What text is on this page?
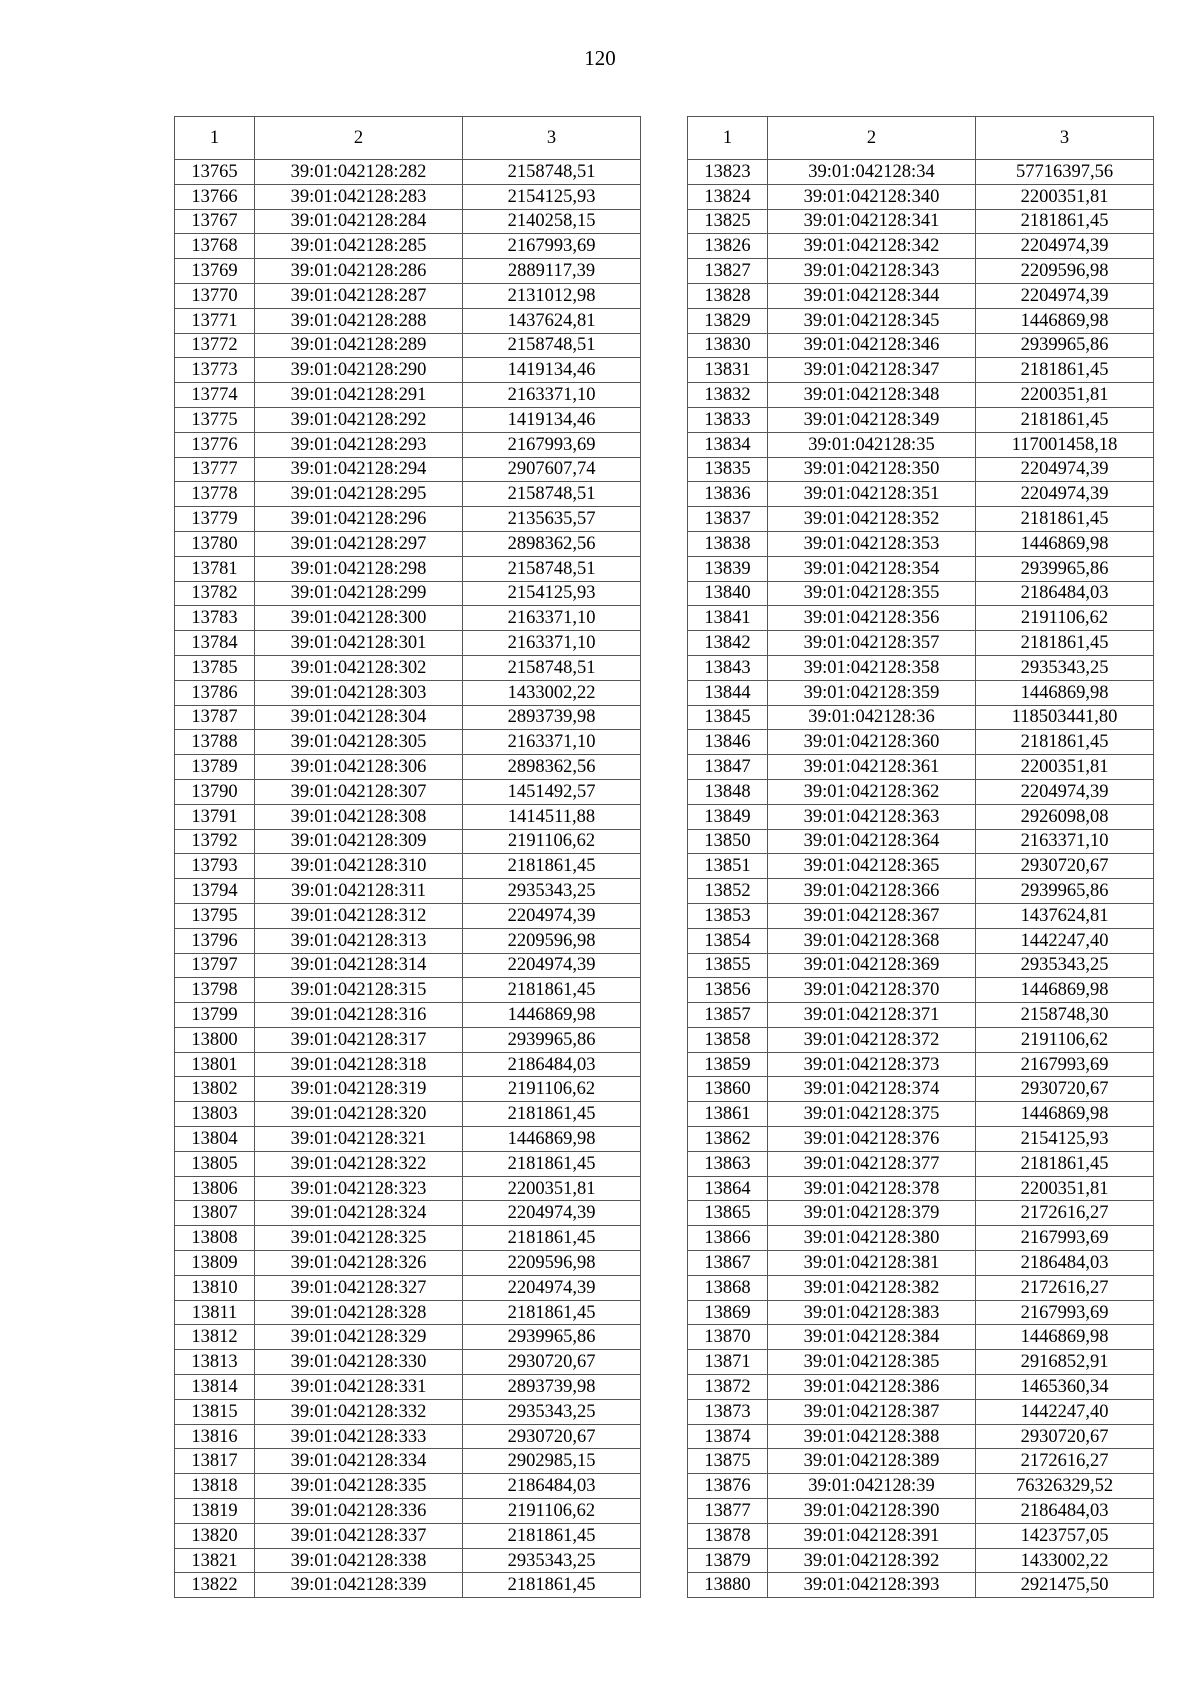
120
1	2	3
13765	39:01:042128:282	2158748,51
13766	39:01:042128:283	2154125,93
13767	39:01:042128:284	2140258,15
13768	39:01:042128:285	2167993,69
13769	39:01:042128:286	2889117,39
13770	39:01:042128:287	2131012,98
13771	39:01:042128:288	1437624,81
13772	39:01:042128:289	2158748,51
13773	39:01:042128:290	1419134,46
13774	39:01:042128:291	2163371,10
13775	39:01:042128:292	1419134,46
13776	39:01:042128:293	2167993,69
13777	39:01:042128:294	2907607,74
13778	39:01:042128:295	2158748,51
13779	39:01:042128:296	2135635,57
13780	39:01:042128:297	2898362,56
13781	39:01:042128:298	2158748,51
13782	39:01:042128:299	2154125,93
13783	39:01:042128:300	2163371,10
13784	39:01:042128:301	2163371,10
13785	39:01:042128:302	2158748,51
13786	39:01:042128:303	1433002,22
13787	39:01:042128:304	2893739,98
13788	39:01:042128:305	2163371,10
13789	39:01:042128:306	2898362,56
13790	39:01:042128:307	1451492,57
13791	39:01:042128:308	1414511,88
13792	39:01:042128:309	2191106,62
13793	39:01:042128:310	2181861,45
13794	39:01:042128:311	2935343,25
13795	39:01:042128:312	2204974,39
13796	39:01:042128:313	2209596,98
13797	39:01:042128:314	2204974,39
13798	39:01:042128:315	2181861,45
13799	39:01:042128:316	1446869,98
13800	39:01:042128:317	2939965,86
13801	39:01:042128:318	2186484,03
13802	39:01:042128:319	2191106,62
13803	39:01:042128:320	2181861,45
13804	39:01:042128:321	1446869,98
13805	39:01:042128:322	2181861,45
13806	39:01:042128:323	2200351,81
13807	39:01:042128:324	2204974,39
13808	39:01:042128:325	2181861,45
13809	39:01:042128:326	2209596,98
13810	39:01:042128:327	2204974,39
13811	39:01:042128:328	2181861,45
13812	39:01:042128:329	2939965,86
13813	39:01:042128:330	2930720,67
13814	39:01:042128:331	2893739,98
13815	39:01:042128:332	2935343,25
13816	39:01:042128:333	2930720,67
13817	39:01:042128:334	2902985,15
13818	39:01:042128:335	2186484,03
13819	39:01:042128:336	2191106,62
13820	39:01:042128:337	2181861,45
13821	39:01:042128:338	2935343,25
13822	39:01:042128:339	2181861,45
1	2	3
13823	39:01:042128:34	57716397,56
13824	39:01:042128:340	2200351,81
13825	39:01:042128:341	2181861,45
13826	39:01:042128:342	2204974,39
13827	39:01:042128:343	2209596,98
13828	39:01:042128:344	2204974,39
13829	39:01:042128:345	1446869,98
13830	39:01:042128:346	2939965,86
13831	39:01:042128:347	2181861,45
13832	39:01:042128:348	2200351,81
13833	39:01:042128:349	2181861,45
13834	39:01:042128:35	117001458,18
13835	39:01:042128:350	2204974,39
13836	39:01:042128:351	2204974,39
13837	39:01:042128:352	2181861,45
13838	39:01:042128:353	1446869,98
13839	39:01:042128:354	2939965,86
13840	39:01:042128:355	2186484,03
13841	39:01:042128:356	2191106,62
13842	39:01:042128:357	2181861,45
13843	39:01:042128:358	2935343,25
13844	39:01:042128:359	1446869,98
13845	39:01:042128:36	118503441,80
13846	39:01:042128:360	2181861,45
13847	39:01:042128:361	2200351,81
13848	39:01:042128:362	2204974,39
13849	39:01:042128:363	2926098,08
13850	39:01:042128:364	2163371,10
13851	39:01:042128:365	2930720,67
13852	39:01:042128:366	2939965,86
13853	39:01:042128:367	1437624,81
13854	39:01:042128:368	1442247,40
13855	39:01:042128:369	2935343,25
13856	39:01:042128:370	1446869,98
13857	39:01:042128:371	2158748,30
13858	39:01:042128:372	2191106,62
13859	39:01:042128:373	2167993,69
13860	39:01:042128:374	2930720,67
13861	39:01:042128:375	1446869,98
13862	39:01:042128:376	2154125,93
13863	39:01:042128:377	2181861,45
13864	39:01:042128:378	2200351,81
13865	39:01:042128:379	2172616,27
13866	39:01:042128:380	2167993,69
13867	39:01:042128:381	2186484,03
13868	39:01:042128:382	2172616,27
13869	39:01:042128:383	2167993,69
13870	39:01:042128:384	1446869,98
13871	39:01:042128:385	2916852,91
13872	39:01:042128:386	1465360,34
13873	39:01:042128:387	1442247,40
13874	39:01:042128:388	2930720,67
13875	39:01:042128:389	2172616,27
13876	39:01:042128:39	76326329,52
13877	39:01:042128:390	2186484,03
13878	39:01:042128:391	1423757,05
13879	39:01:042128:392	1433002,22
13880	39:01:042128:393	2921475,50
